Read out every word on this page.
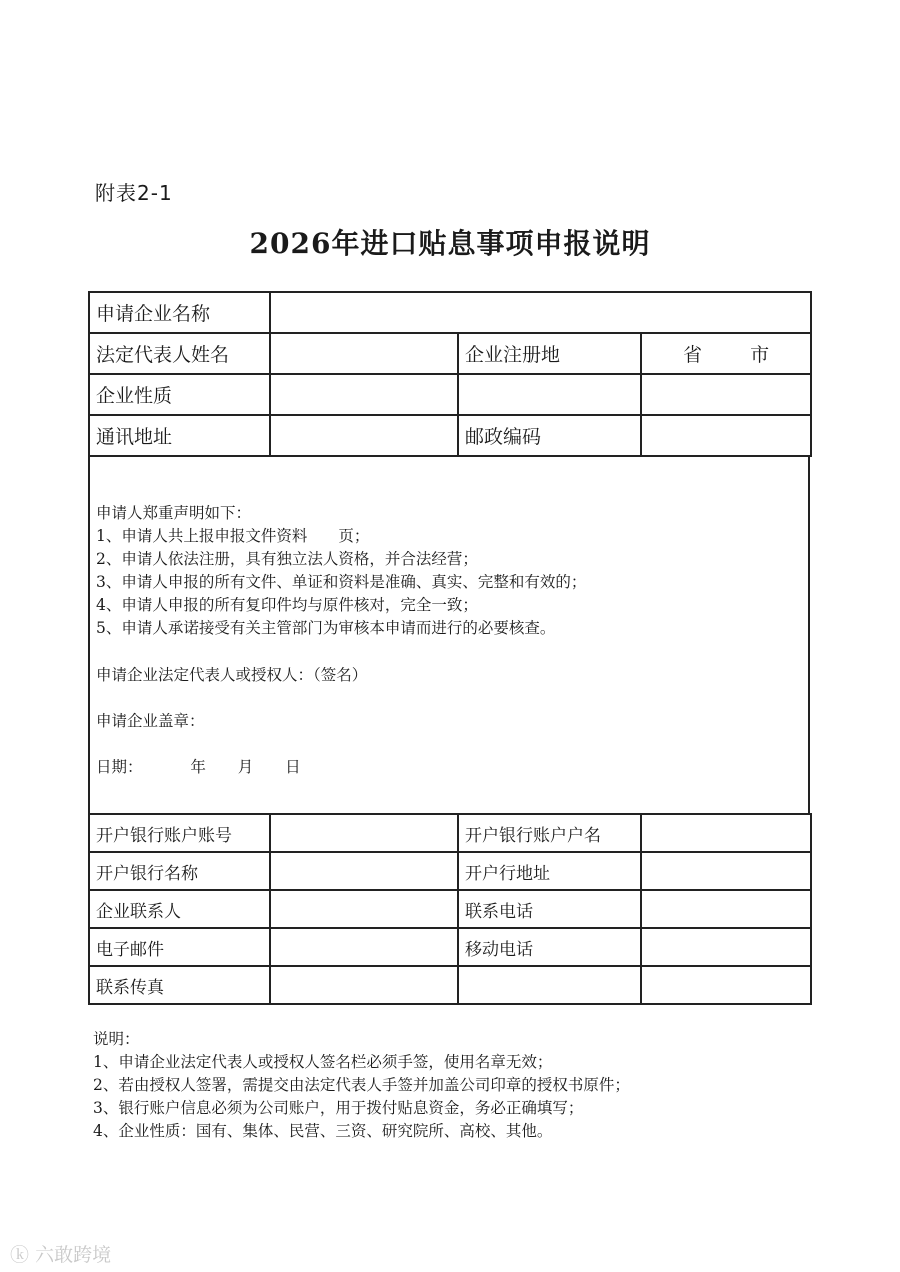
附表2-1
2026年进口贴息事项申报说明
申请企业名称			
法定代表人姓名		企业注册地	省 市
企业性质			
通讯地址		邮政编码	
申请人郑重声明如下：
1、申请人共上报申报文件资料　　页；
2、申请人依法注册，具有独立法人资格，并合法经营；
3、申请人申报的所有文件、单证和资料是准确、真实、完整和有效的；
4、申请人申报的所有复印件均与原件核对，完全一致；
5、申请人承诺接受有关主管部门为审核本申请而进行的必要核查。
申请企业法定代表人或授权人：（签名）
申请企业盖章：
日期：	年 月 日
开户银行账户账号		开户银行账户户名	
开户银行名称		开户行地址	
企业联系人		联系电话	
电子邮件		移动电话	
联系传真			
说明：
1、申请企业法定代表人或授权人签名栏必须手签，使用名章无效；
2、若由授权人签署，需提交由法定代表人手签并加盖公司印章的授权书原件；
3、银行账户信息必须为公司账户，用于拨付贴息资金，务必正确填写；
4、企业性质：国有、集体、民营、三资、研究院所、高校、其他。
ⓚ 六敢跨境
